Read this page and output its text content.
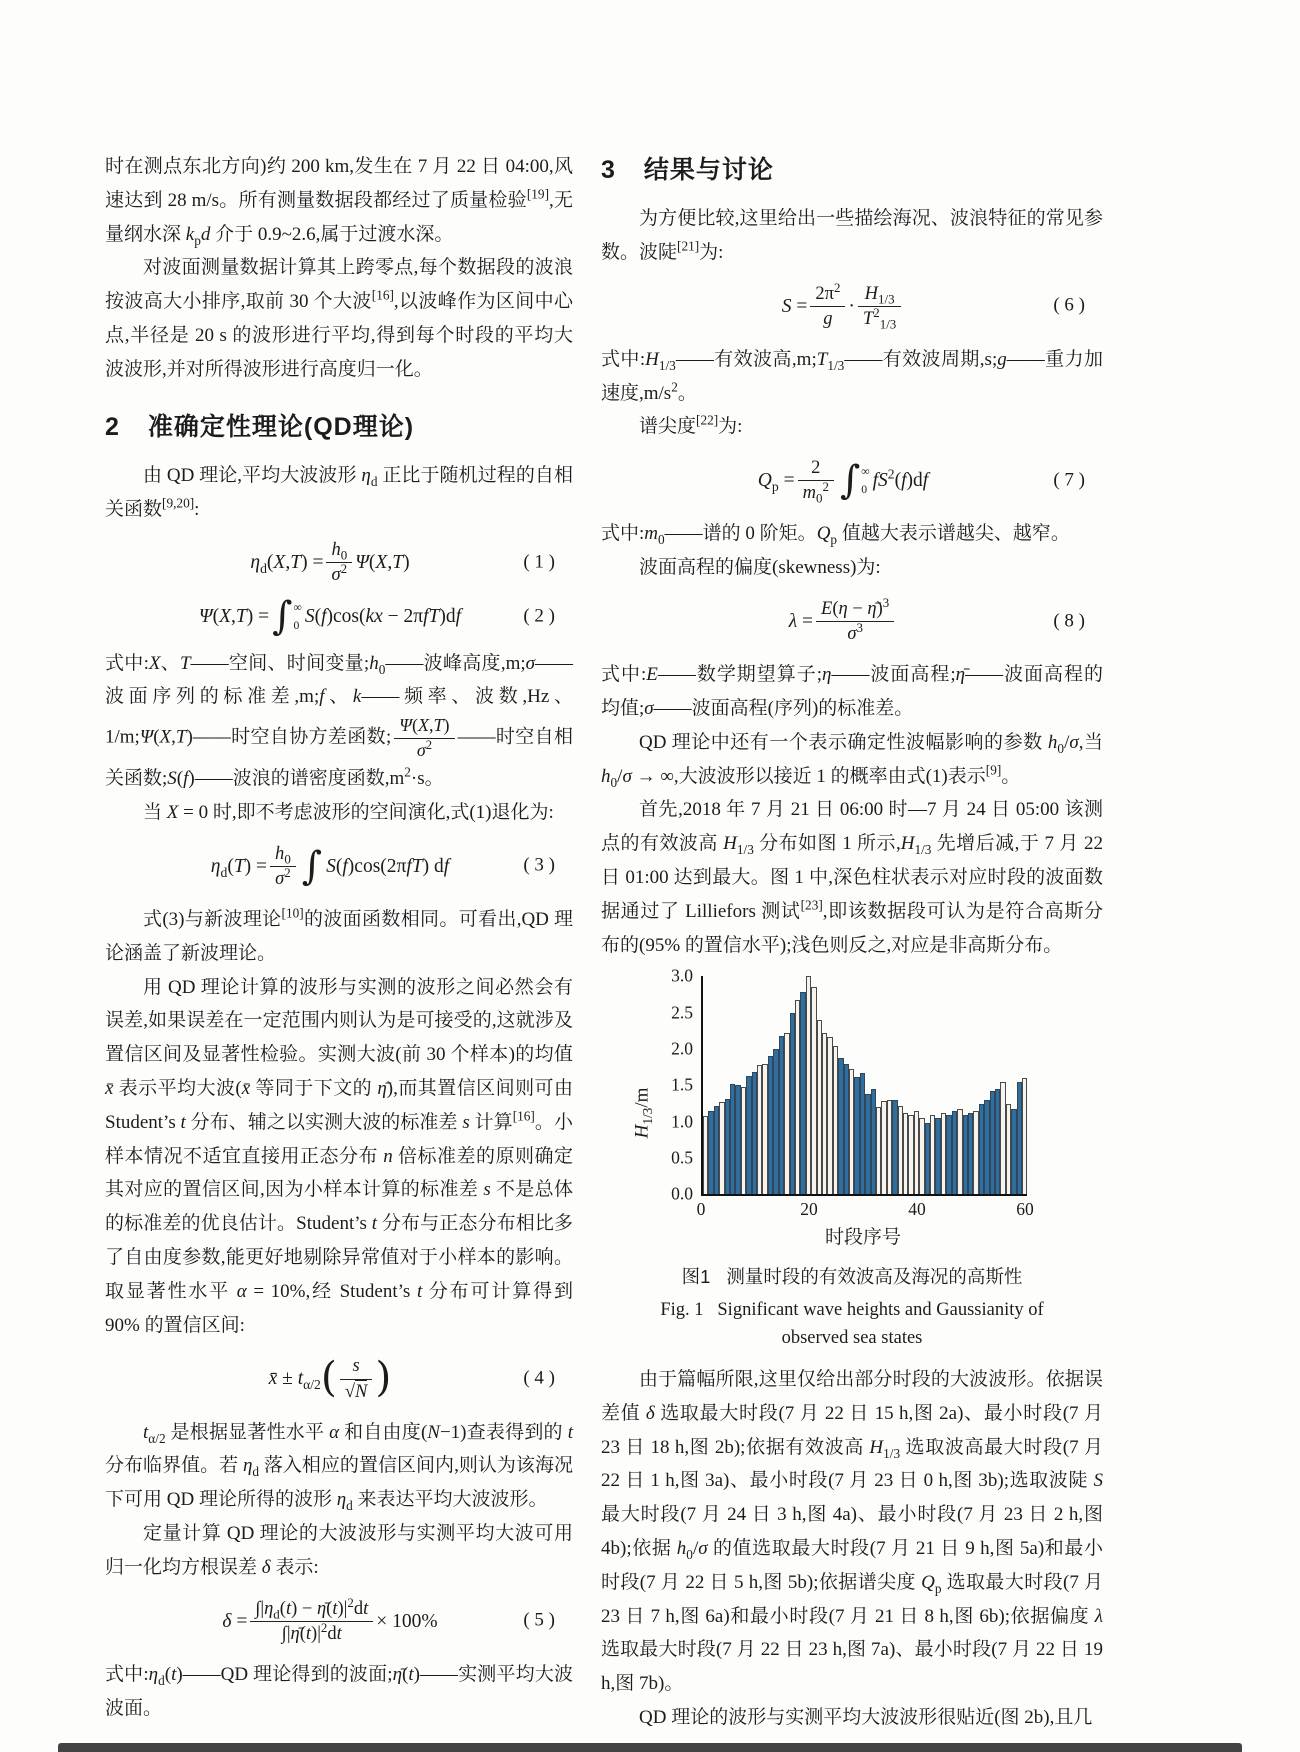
时在测点东北方向)约 200 km,发生在 7 月 22 日 04:00,风速达到 28 m/s。所有测量数据段都经过了质量检验[19],无量纲水深 $k_pd$ 介于 0.9~2.6,属于过渡水深。

对波面测量数据计算其上跨零点,每个数据段的波浪按波高大小排序,取前 30 个大波[16],以波峰作为区间中心点,半径是 20 s 的波形进行平均,得到每个时段的平均大波波形,并对所得波形进行高度归一化。

2 准确定性理论(QD理论)

由 QD 理论,平均大波波形 $\eta_d$ 正比于随机过程的自相关函数[9,20]:

$\eta_d(X,T) = \frac{h_0}{\sigma^2} \Psi(X,T)$	( 1 )
Ψ(X,T) = ∫ ∞
0 S(f)cos(kx − 2πfT)df	( 2 )

式中:X、T——空间、时间变量$;h_0——$波峰高度,m;σ——波面序列的标准差,m;f、k——频率、波数,Hz、1/m;Ψ(X,T)——时空自协方差函数; $\frac{\Psi(X,T)}{\sigma^2}$ ——时空自相关函数;S(f)——波浪的谱密度函数$,m^2\cdot s$。

当 X = 0 时,即不考虑波形的空间演化,式(1)退化为:

$\eta_d(T) = \frac{h_0}{\sigma^2}$ ∫ S(f)cos(2πfT) df	( 3 )

式(3)与新波理论[10]的波面函数相同。可看出,QD 理论涵盖了新波理论。

用 QD 理论计算的波形与实测的波形之间必然会有误差,如果误差在一定范围内则认为是可接受的,这就涉及置信区间及显著性检验。实测大波(前 30 个样本)的均值 x̄ 表示平均大波(x̄ 等同于下文的 η̄),而其置信区间则可由 Student’s t 分布、辅之以实测大波的标准差 s 计算[16]。小样本情况不适宜直接用正态分布 n 倍标准差的原则确定其对应的置信区间,因为小样本计算的标准差 s 不是总体的标准差的优良估计。Student’s t 分布与正态分布相比多了自由度参数,能更好地剔除异常值对于小样本的影响。取显著性水平 α = 10%,经 Student’s t 分布可计算得到 90% 的置信区间:

x̄ ± $t_{\alpha/2}$ ( $\frac{s}{√N}$ )	( 4 )

$t_{\alpha/2}$ 是根据显著性水平 α 和自由度(N−1)查表得到的 t 分布临界值。若 $\eta_d$ 落入相应的置信区间内,则认为该海况下可用 QD 理论所得的波形 $\eta_d$ 来表达平均大波波形。

定量计算 QD 理论的大波波形与实测平均大波可用归一化均方根误差 δ 表示:

$\delta = \frac{\int|\eta_d(t) - \etā(t)|^2dt}{\int|\etā(t)|^2dt} \times 100\%$	( 5 )

式中$:\eta_d(t)——QD$ 理论得到的波面;η̄(t)——实测平均大波波面。

3 结果与讨论

为方便比较,这里给出一些描绘海况、波浪特征的常见参数。波陡[21]为:

$S = \frac{2\pi^2}{g} \cdot \frac{H_{1/3}}{T^2_{1/3}}$	( 6 )

式中$:H_{1/3}——$有效波高$,m;T_{1/3}——$有效波周期,s;g——重力加速度$,m/s^2$。

谱尖度[22]为:

$Q_p = \frac{2}{m_0^2}$ ∫ ∞
0 $fS^2(f)df$	( 7 )

式中$:m_0——$谱的 0 阶矩。$Q_p$ 值越大表示谱越尖、越窄。

波面高程的偏度(skewness)为:

$\lambda = \frac{E(\eta - \etā)^3}{\sigma^3}$	( 8 )

式中:E——数学期望算子;η——波面高程;η̄——波面高程的均值;σ——波面高程(序列)的标准差。

QD 理论中还有一个表示确定性波幅影响的参数 $h_0/\sigma$,当 $h_0/\sigma$ → ∞,大波波形以接近 1 的概率由式(1)表示[9]。

首先,2018 年 7 月 21 日 06:00 时—7 月 24 日 05:00 该测点的有效波高 $H_{1/3}$ 分布如图 1 所示$,H_{1/3}$ 先增后减,于 7 月 22 日 01:00 达到最大。图 1 中,深色柱状表示对应时段的波面数据通过了 Lilliefors 测试[23],即该数据段可认为是符合高斯分布的(95% 的置信水平);浅色则反之,对应是非高斯分布。

$H_{1/3}/m$
0.0
0.5
1.0
1.5
2.0
2.5
3.0
0	20	40	60
时段序号
图1 测量时段的有效波高及海况的高斯性
Fig. 1 Significant wave heights and Gaussianity of
observed sea states

由于篇幅所限,这里仅给出部分时段的大波波形。依据误差值 δ 选取最大时段(7 月 22 日 15 h,图 2a)、最小时段(7 月 23 日 18 h,图 2b);依据有效波高 $H_{1/3}$ 选取波高最大时段(7 月 22 日 1 h,图 3a)、最小时段(7 月 23 日 0 h,图 3b);选取波陡 S 最大时段(7 月 24 日 3 h,图 4a)、最小时段(7 月 23 日 2 h,图 4b);依据 $h_0/\sigma$ 的值选取最大时段(7 月 21 日 9 h,图 5a)和最小时段(7 月 22 日 5 h,图 5b);依据谱尖度 $Q_p$ 选取最大时段(7 月 23 日 7 h,图 6a)和最小时段(7 月 21 日 8 h,图 6b);依据偏度 λ 选取最大时段(7 月 22 日 23 h,图 7a)、最小时段(7 月 22 日 19 h,图 7b)。

QD 理论的波形与实测平均大波波形很贴近(图 2b),且几
